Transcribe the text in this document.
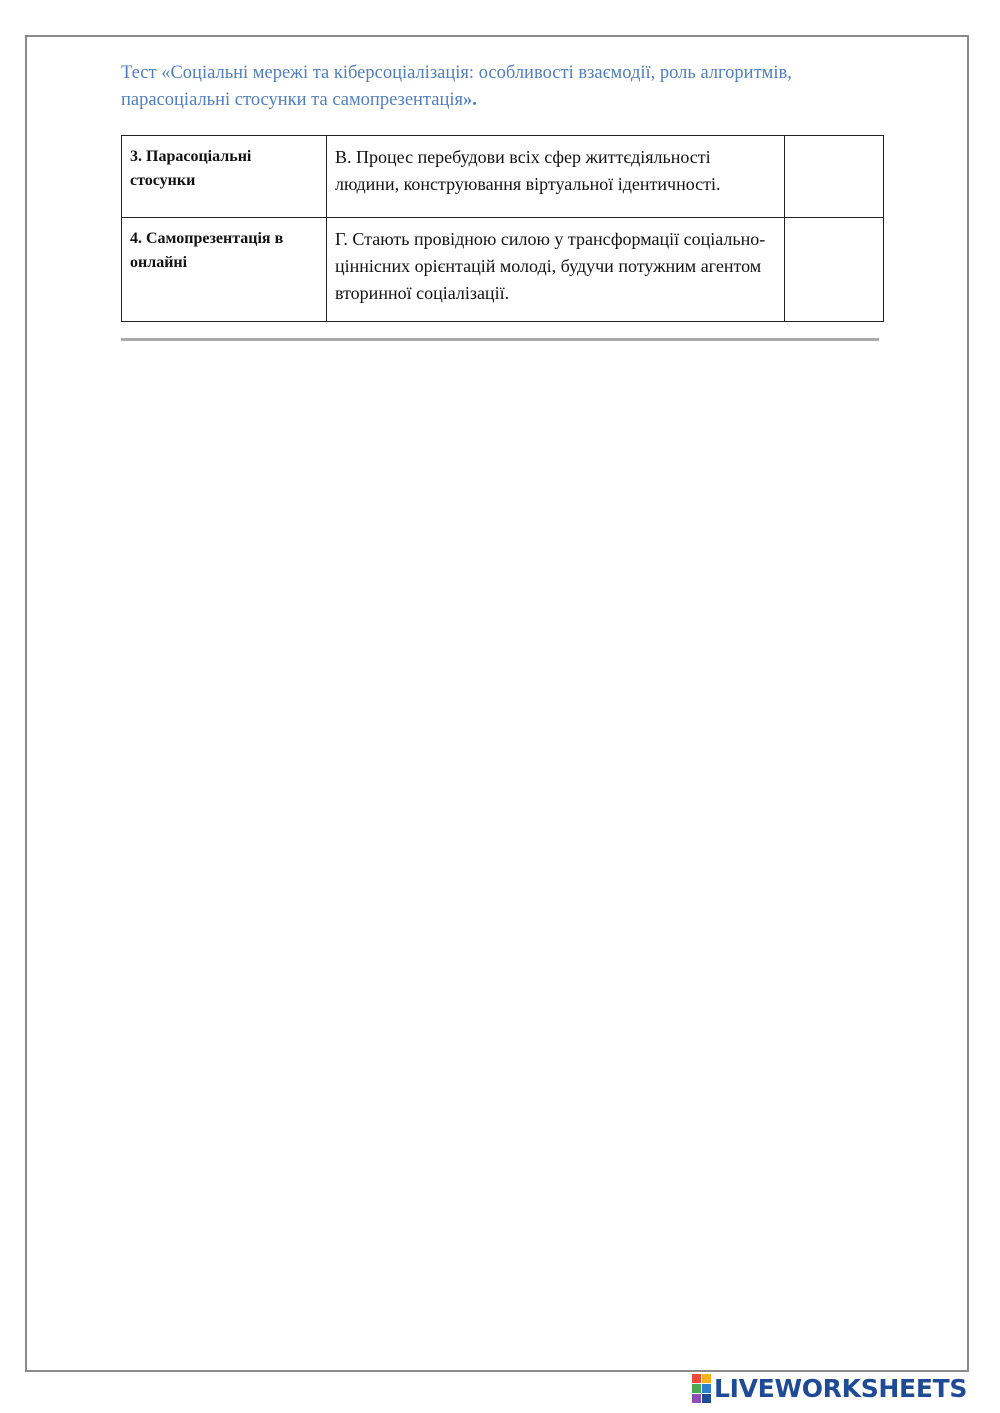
Тест «Соціальні мережі та кіберсоціалізація: особливості взаємодії, роль алгоритмів, парасоціальні стосунки та самопрезентація».

3. Парасоціальні стосунки	В. Процес перебудови всіх сфер життєдіяльності людини, конструювання віртуальної ідентичності.	

4. Самопрезентація в онлайні	Г. Стають провідною силою у трансформації соціально-ціннісних орієнтацій молоді, будучи потужним агентом вторинної соціалізації.	

LIVEWORKSHEETS
